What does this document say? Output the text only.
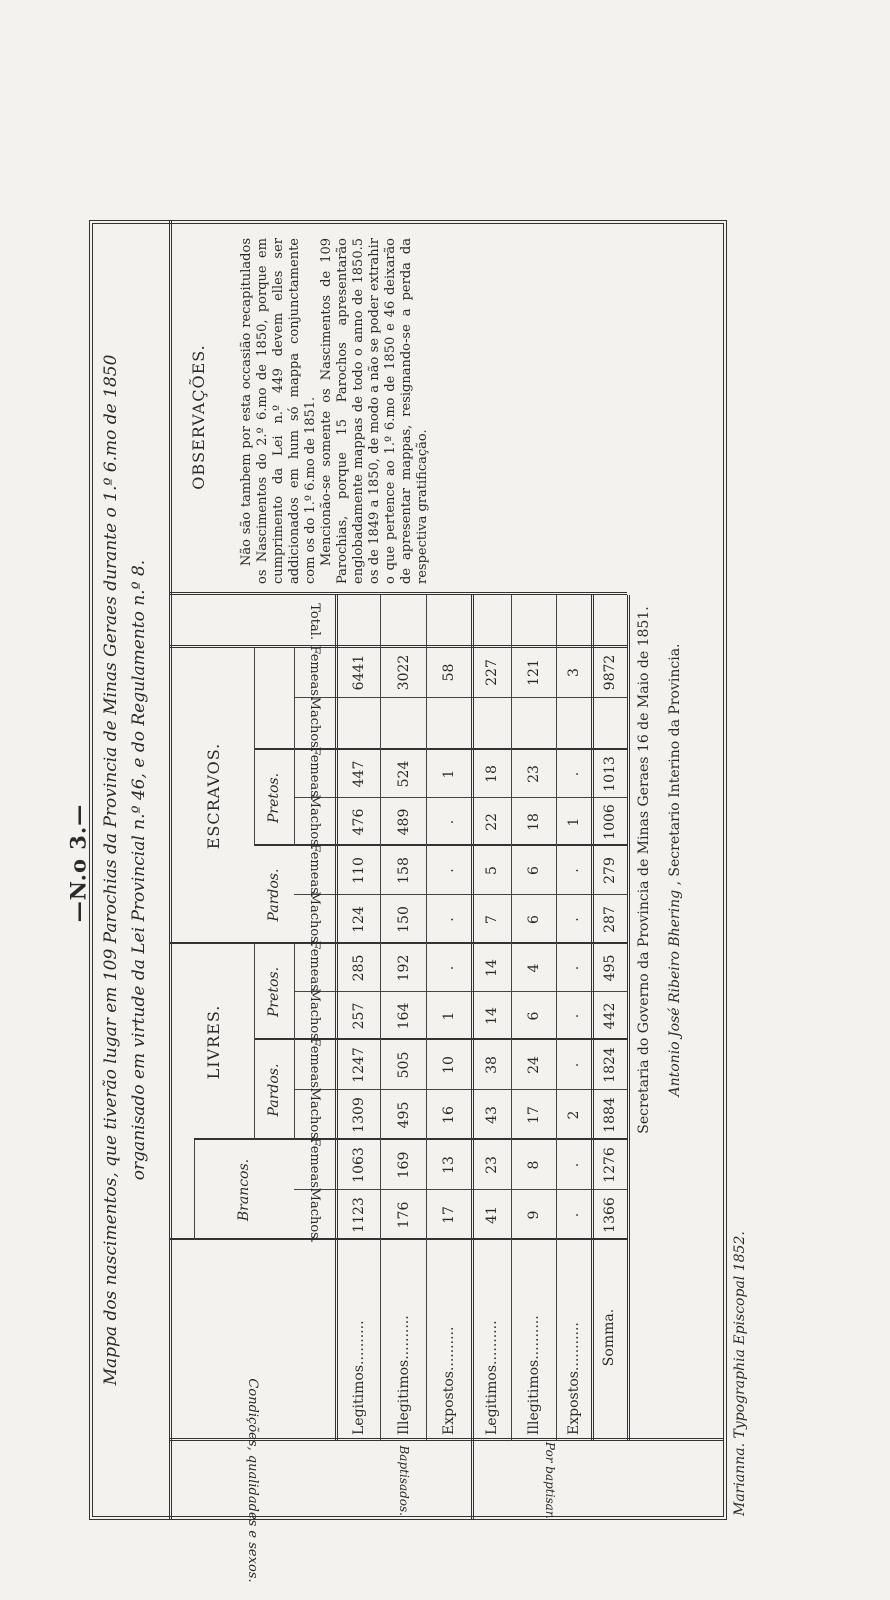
—N.o 3.— Mappa dos nascimentos, que tiverão lugar em 109 Parochias da Provincia de Minas Geraes durante o 1.º 6.mo de 1850 organisado em virtude da Lei Provincial n.º 46, e do Regulamento n.º 8.
Condições, qualidades e sexos.
LIVRES.
ESCRAVOS.
Brancos.
Pardos.
Pretos.
Pardos.
Pretos.
Machos.
Femeas.
Machos.
Femeas.
Machos.
Femeas.
Machos.
Femeas.
Machos.
Femeas.
Machos.
Femeas.
Total.
Baptisados.	Por baptisar.
Legitimos..........
1123
1063
1309
1247
257
285
124
110
476
447
6441
Illegitimos..........
176
169
495
505
164
192
150
158
489
524
3022
Expostos..........
17
13
16
10
1
.
.
.
.
1
58
Legitimos..........
41
23
43
38
14
14
7
5
22
18
227
Illegitimos..........
9
8
17
24
6
4
6
6
18
23
121
Expostos...........
.
.
2
.
.
.
.
.
1
.
3
1366
1276
1884
1824
442
495
287
279
1006
1013
9872
Somma.
OBSERVAÇÕES. Não são tambem por esta occasião recapitulados os Nascimentos do 2.º 6.mo de 1850, porque em cumprimento da Lei n.º 449 devem elles ser addicionados em hum só mappa conjunctamente com os do 1.º 6.mo de 1851. Mencionão-se somente os Nascimentos de 109 Parochias, porque 15 Parochos apresentarão englobadamente mappas de todo o anno de 1850.5 os de 1849 a 1850, de modo a não se poder extrahir o que pertence ao 1.º 6.mo de 1850 e 46 deixarão de apresentar mappas, resignando-se a perda da respectiva gratificação.

Secretaria do Governo da Provincia de Minas Geraes 16 de Maio de 1851. Antonio José Ribeiro Bhering , Secretario Interino da Provincia.
Marianna. Typographia Episcopal 1852.
